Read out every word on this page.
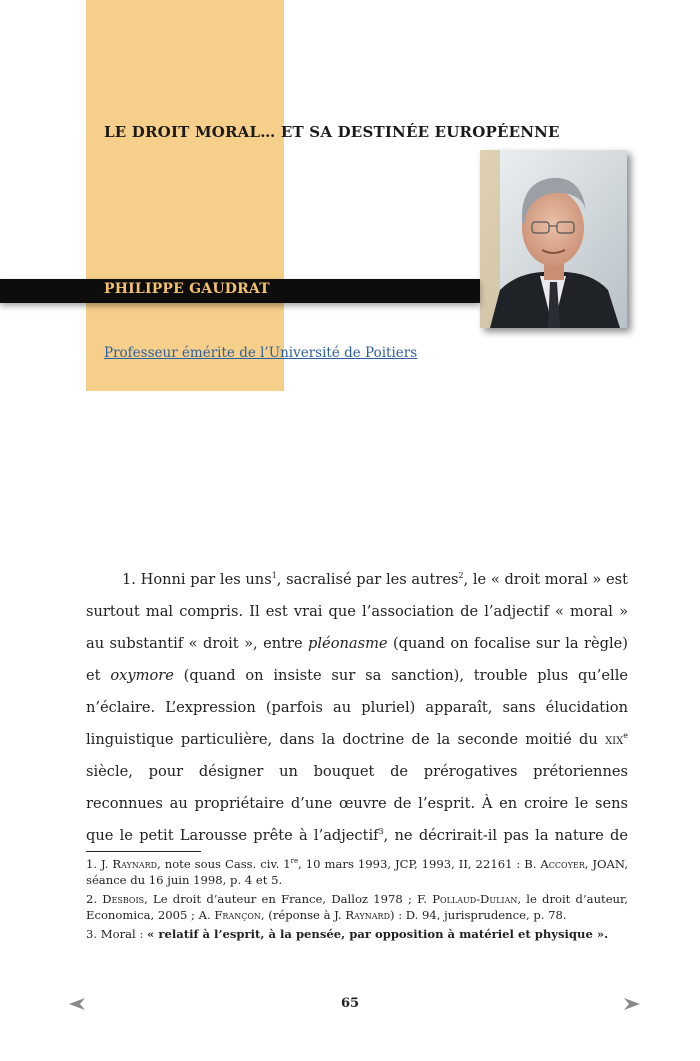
LE DROIT MORAL… ET SA DESTINÉE EUROPÉENNE
PHILIPPE GAUDRAT
Professeur émérite de l’Université de Poitiers

1. Honni par les uns$^1$, sacralisé par les autres$^2$, le « droit moral » est surtout mal compris. Il est vrai que l’association de l’adjectif « moral » au substantif « droit », entre pléonasme (quand on focalise sur la règle) et oxymore (quand on insiste sur sa sanction), trouble plus qu’elle n’éclaire. L’expression (parfois au pluriel) apparaît, sans élucidation linguistique particulière, dans la doctrine de la seconde moitié du xix$^e$ siècle, pour désigner un bouquet de prérogatives prétoriennes reconnues au propriétaire d’une œuvre de l’esprit. À en croire le sens que le petit Larousse prête à l’adjectif$^3$, ne décrirait-il pas la nature de

1. J. Raynard, note sous Cass. civ. 1re, 10 mars 1993, JCP, 1993, II, 22161 : B. Accoyer, JOAN, séance du 16 juin 1998, p. 4 et 5.

2. Desbois, Le droit d’auteur en France, Dalloz 1978 ; F. Pollaud-Dulian, le droit d’auteur, Economica, 2005 ; A. Françon, (réponse à J. Raynard) : D. 94, jurisprudence, p. 78.

3. Moral : « relatif à l’esprit, à la pensée, par opposition à matériel et physique ».

65
